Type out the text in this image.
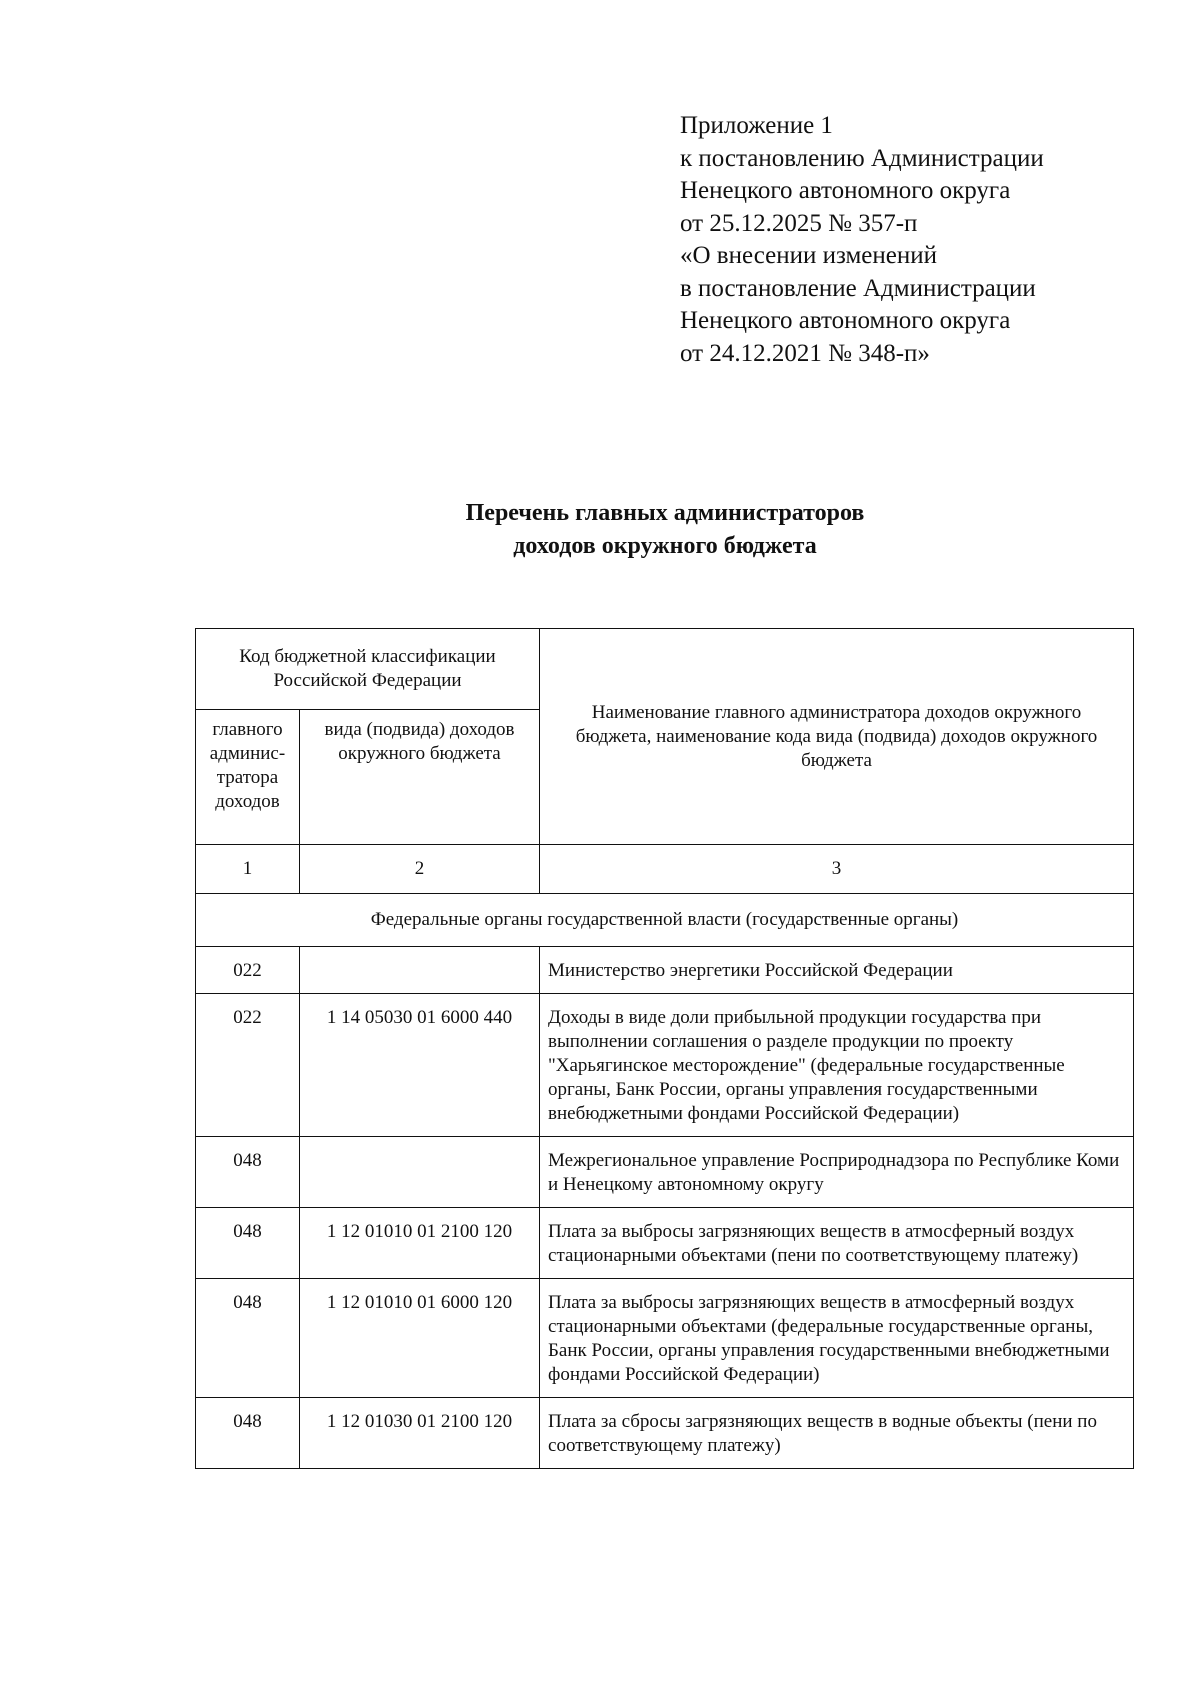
Приложение 1
к постановлению Администрации
Ненецкого автономного округа
от 25.12.2025 № 357-п
«О внесении изменений
в постановление Администрации
Ненецкого автономного округа
от 24.12.2021 № 348-п»
Перечень главных администраторов
доходов окружного бюджета
Код бюджетной классификации Российской Федерации		Наименование главного администратора доходов окружного бюджета, наименование кода вида (подвида) доходов окружного бюджета
главного админис-тратора доходов	вида (подвида) доходов окружного бюджета	
1	2	3
Федеральные органы государственной власти (государственные органы)		
022		Министерство энергетики Российской Федерации
022	1 14 05030 01 6000 440	Доходы в виде доли прибыльной продукции государства при выполнении соглашения о разделе продукции по проекту "Харьягинское месторождение" (федеральные государственные органы, Банк России, органы управления государственными внебюджетными фондами Российской Федерации)
048		Межрегиональное управление Росприроднадзора по Республике Коми и Ненецкому автономному округу
048	1 12 01010 01 2100 120	Плата за выбросы загрязняющих веществ в атмосферный воздух стационарными объектами (пени по соответствующему платежу)
048	1 12 01010 01 6000 120	Плата за выбросы загрязняющих веществ в атмосферный воздух стационарными объектами (федеральные государственные органы, Банк России, органы управления государственными внебюджетными фондами Российской Федерации)
048	1 12 01030 01 2100 120	Плата за сбросы загрязняющих веществ в водные объекты (пени по соответствующему платежу)
